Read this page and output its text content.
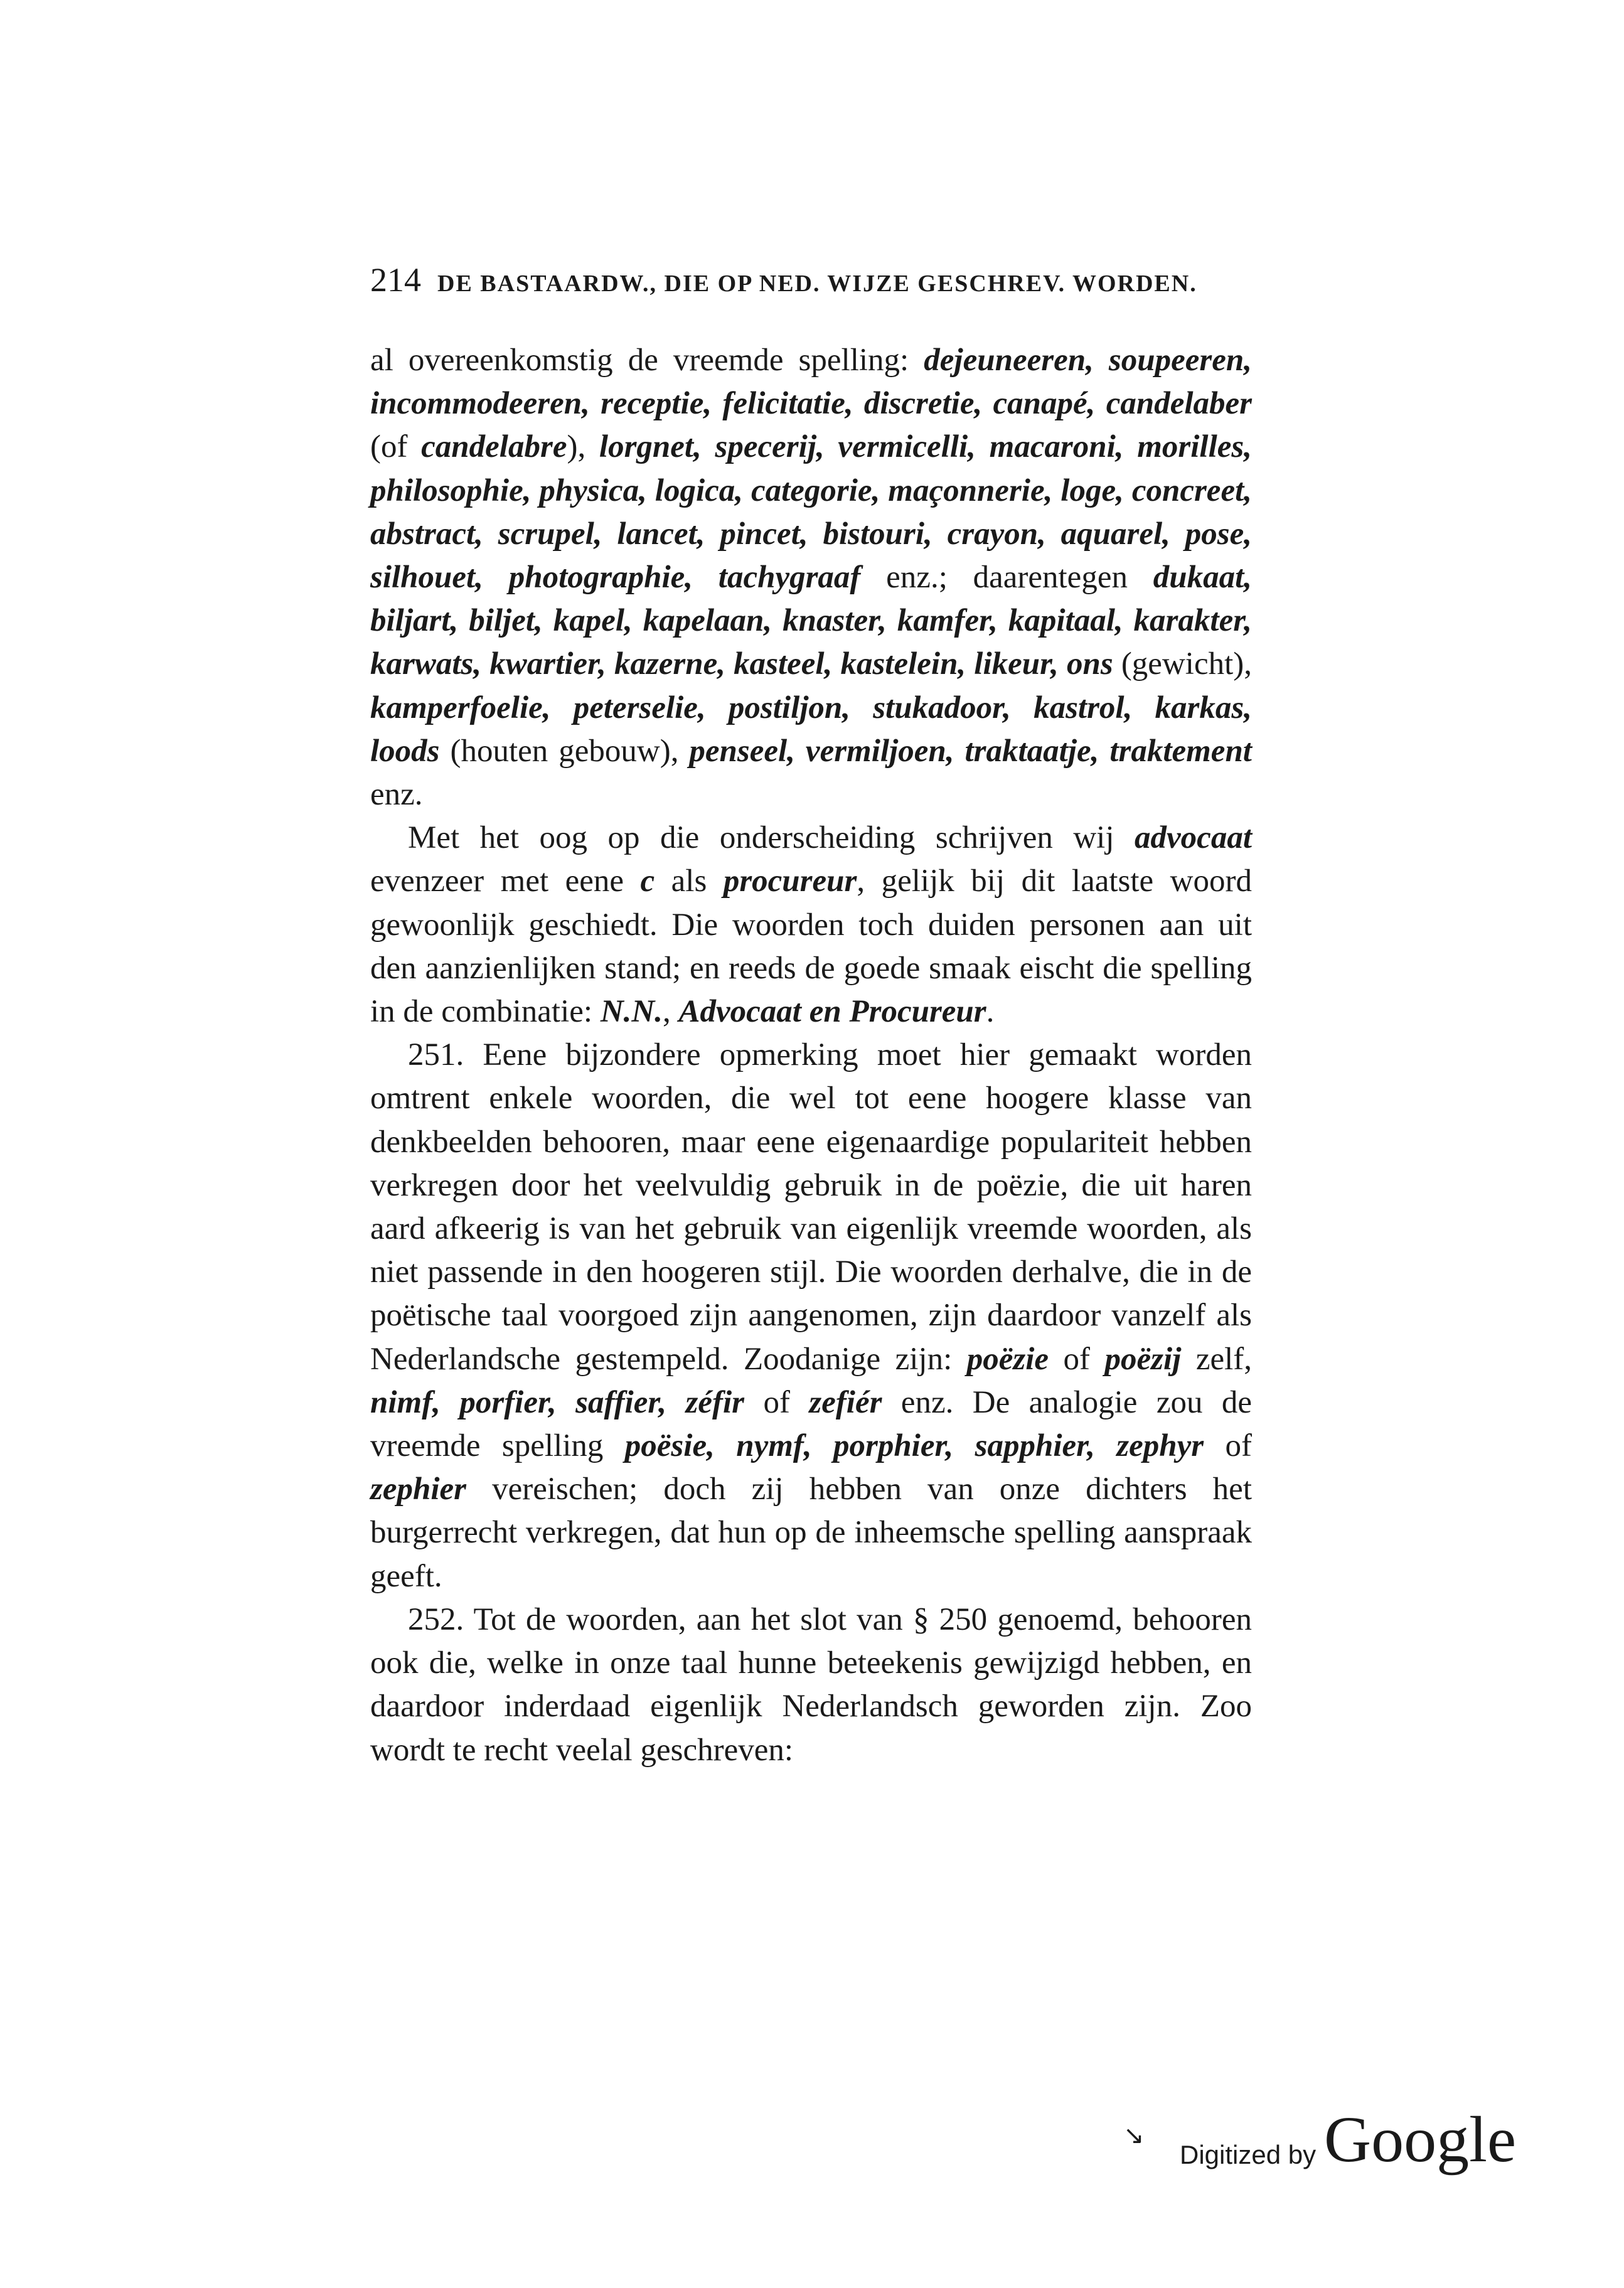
214 DE BASTAARDW., DIE OP NED. WIJZE GESCHREV. WORDEN.

al overeenkomstig de vreemde spelling: dejeuneeren, soupeeren, incommodeeren, receptie, felicitatie, discretie, canapé, candelaber (of candelabre), lorgnet, specerij, vermicelli, macaroni, morilles, philosophie, physica, logica, categorie, maçonnerie, loge, concreet, abstract, scrupel, lancet, pincet, bistouri, crayon, aquarel, pose, silhouet, photographie, tachygraaf enz.; daarentegen dukaat, biljart, biljet, kapel, kapelaan, knaster, kamfer, kapitaal, karakter, karwats, kwartier, kazerne, kasteel, kastelein, likeur, ons (gewicht), kamperfoelie, peterselie, postiljon, stukadoor, kastrol, karkas, loods (houten gebouw), penseel, vermiljoen, traktaatje, traktement enz.

Met het oog op die onderscheiding schrijven wij advocaat evenzeer met eene c als procureur, gelijk bij dit laatste woord gewoonlijk geschiedt. Die woorden toch duiden personen aan uit den aanzienlijken stand; en reeds de goede smaak eischt die spelling in de combinatie: N.N., Advocaat en Procureur.

251. Eene bijzondere opmerking moet hier gemaakt worden omtrent enkele woorden, die wel tot eene hoogere klasse van denkbeelden behooren, maar eene eigenaardige populariteit hebben verkregen door het veelvuldig gebruik in de poëzie, die uit haren aard afkeerig is van het gebruik van eigenlijk vreemde woorden, als niet passende in den hoogeren stijl. Die woorden derhalve, die in de poëtische taal voorgoed zijn aangenomen, zijn daardoor vanzelf als Nederlandsche gestempeld. Zoodanige zijn: poëzie of poëzij zelf, nimf, porfier, saffier, zéfir of zefiér enz. De analogie zou de vreemde spelling poësie, nymf, porphier, sapphier, zephyr of zephier vereischen; doch zij hebben van onze dichters het burgerrecht verkregen, dat hun op de inheemsche spelling aanspraak geeft.

252. Tot de woorden, aan het slot van § 250 genoemd, behooren ook die, welke in onze taal hunne beteekenis gewijzigd hebben, en daardoor inderdaad eigenlijk Nederlandsch geworden zijn. Zoo wordt te recht veelal geschreven:

↘
Digitized by Google
